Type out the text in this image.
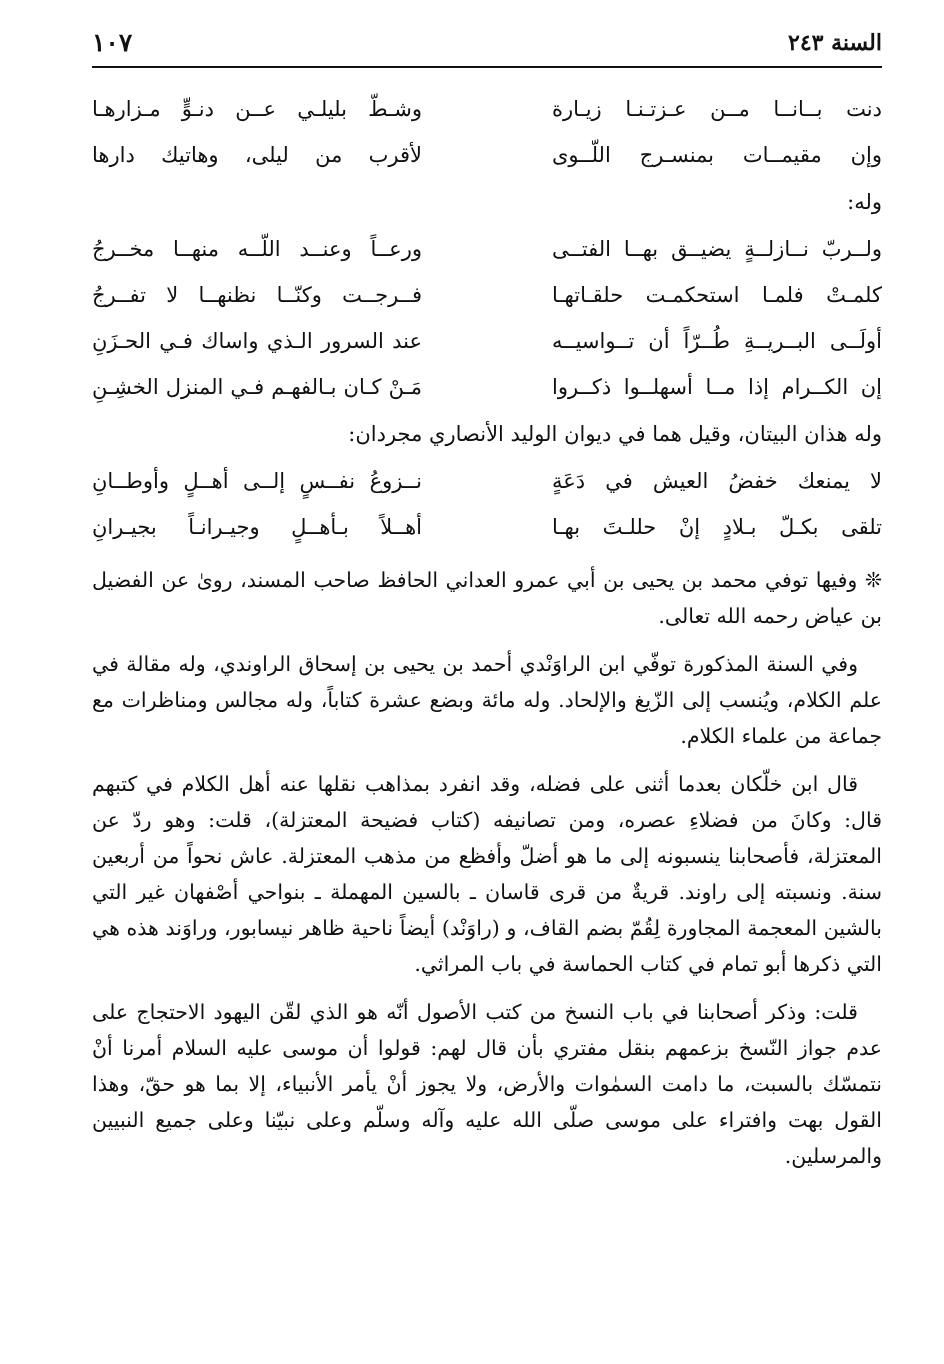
السنة ٢٤٣
١٠٧
دنت بــانــا مــن عـزتـنـا زيـارة
وشـطّ بليلـي عــن دنـوٍّ مـزارهـا
وإن مقيمــات بمنسـرج اللّــوى
لأقرب من ليلى، وهاتيك دارها
وله:
ولــربّ نــازلــةٍ يضيــق بهــا الفتــى
ورعــاً وعنــد اللّــه منهــا مخــرجُ
كلمـتْ فلمـا استحكمـت حلقـاتهـا
فــرجــت وكنّــا نظنهــا لا تفــرجُ
أولَــى البــريــةِ طُــرّاً أن تــواسيــه
عند السرور الـذي واساك فـي الحـزَنِ
إن الكــرام إذا مــا أسهلــوا ذكــروا
مَـنْ كـان بـالفهـم فـي المنزل الخشِـنِ
وله هذان البيتان، وقيل هما في ديوان الوليد الأنصاري مجردان:
لا يمنعك خفضُ العيش في دَعَةٍ
نــزوعُ نفــسٍ إلــى أهــلٍ وأوطــانِ
تلقى بكـلّ بـلادٍ إنْ حللـتَ بهـا
أهــلاً بـأهــلٍ وجيـرانـاً بجيـرانِ

❊ وفيها توفي محمد بن يحيى بن أبي عمرو العداني الحافظ صاحب المسند، روىٰ عن الفضيل بن عياض رحمه الله تعالى.

وفي السنة المذكورة توفّي ابن الراوَنْدي أحمد بن يحيى بن إسحاق الراوندي، وله مقالة في علم الكلام، ويُنسب إلى الزّيغ والإلحاد. وله مائة وبضع عشرة كتاباً، وله مجالس ومناظرات مع جماعة من علماء الكلام.

قال ابن خلّكان بعدما أثنى على فضله، وقد انفرد بمذاهب نقلها عنه أهل الكلام في كتبهم قال: وكانَ من فضلاءِ عصره، ومن تصانيفه (كتاب فضيحة المعتزلة)، قلت: وهو ردّ عن المعتزلة، فأصحابنا ينسبونه إلى ما هو أضلّ وأفظع من مذهب المعتزلة. عاش نحواً من أربعين سنة. ونسبته إلى راوند. قريةٌ من قرى قاسان ـ بالسين المهملة ـ بنواحي أصْفهان غير التي بالشين المعجمة المجاورة لِقُمّ بضم القاف، و (راوَنْد) أيضاً ناحية ظاهر نيسابور، وراوَند هذه هي التي ذكرها أبو تمام في كتاب الحماسة في باب المراثي.

قلت: وذكر أصحابنا في باب النسخ من كتب الأصول أنّه هو الذي لقّن اليهود الاحتجاج على عدم جواز النّسخ بزعمهم بنقل مفتري بأن قال لهم: قولوا أن موسى عليه السلام أمرنا أنْ نتمسّك بالسبت، ما دامت السمٰوات والأرض، ولا يجوز أنْ يأمر الأنبياء، إلا بما هو حقّ، وهذا القول بهت وافتراء على موسى صلّى الله عليه وآله وسلّم وعلى نبيّنا وعلى جميع النبيين والمرسلين.
